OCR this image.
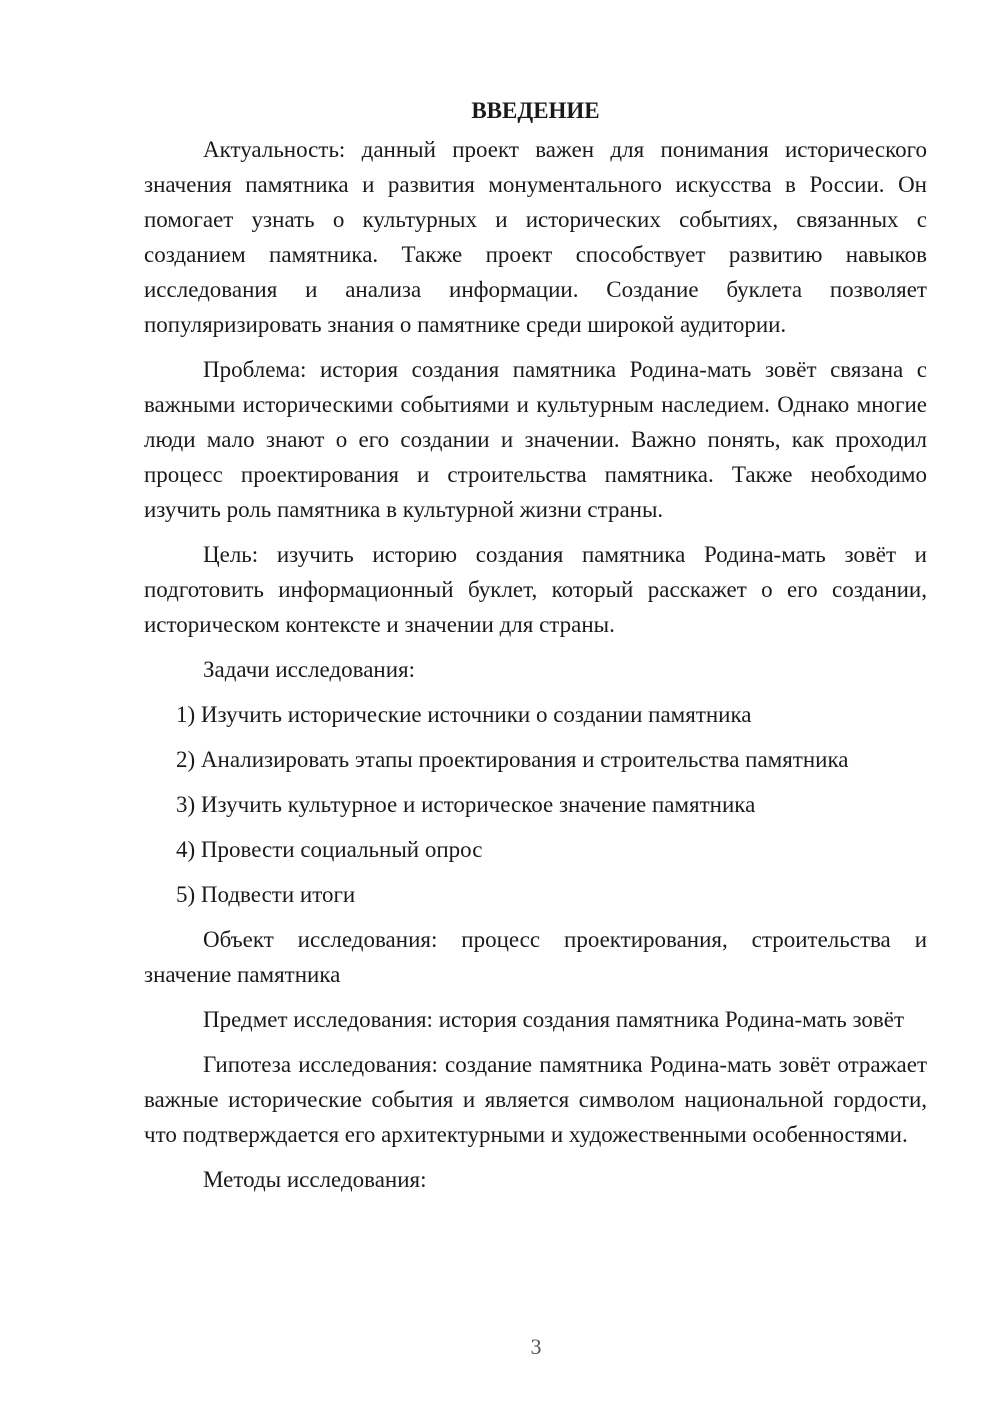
ВВЕДЕНИЕ

Актуальность: данный проект важен для понимания исторического значения памятника и развития монументального искусства в России. Он помогает узнать о культурных и исторических событиях, связанных с созданием памятника. Также проект способствует развитию навыков исследования и анализа информации. Создание буклета позволяет популяризировать знания о памятнике среди широкой аудитории.

Проблема: история создания памятника Родина-мать зовёт связана с важными историческими событиями и культурным наследием. Однако многие люди мало знают о его создании и значении. Важно понять, как проходил процесс проектирования и строительства памятника. Также необходимо изучить роль памятника в культурной жизни страны.

Цель: изучить историю создания памятника Родина-мать зовёт и подготовить информационный буклет, который расскажет о его создании, историческом контексте и значении для страны.

Задачи исследования:

1) Изучить исторические источники о создании памятника
2) Анализировать этапы проектирования и строительства памятника
3) Изучить культурное и историческое значение памятника
4) Провести социальный опрос
5) Подвести итоги

Объект исследования: процесс проектирования, строительства и значение памятника

Предмет исследования: история создания памятника Родина-мать зовёт

Гипотеза исследования: создание памятника Родина-мать зовёт отражает важные исторические события и является символом национальной гордости, что подтверждается его архитектурными и художественными особенностями.

Методы исследования:

3
